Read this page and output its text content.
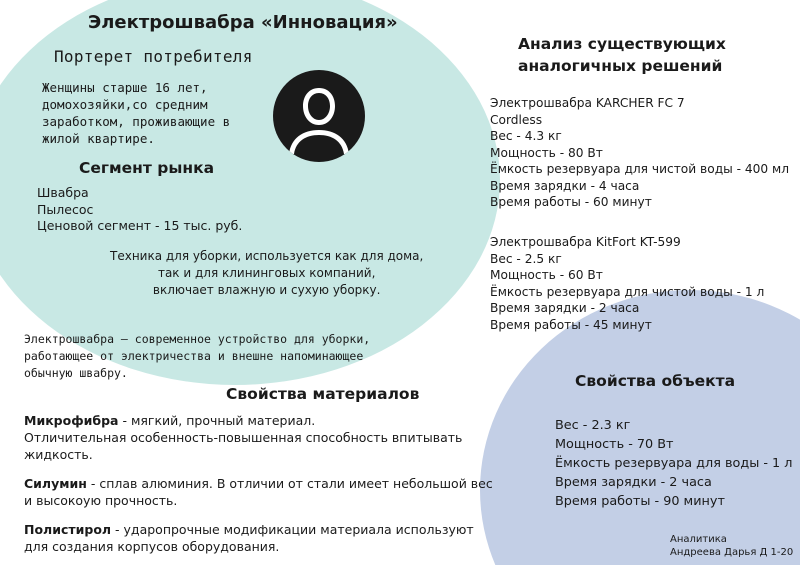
Электрошвабра «Инновация»
Портерет потребителя
Женщины старше 16 лет,
домохозяйки,со средним
заработком, проживающие в
жилой квартире.
Сегмент рынка
Швабра
Пылесос
Ценовой сегмент - 15 тыс. руб.
Техника для уборки, используется как для дома,
так и для клининговых компаний,
включает влажную и сухую уборку.
Электрошвабра – современное устройство для уборки,
работающее от электричества и внешне напоминающее
обычную швабру.
Свойства материалов
Микрофибра - мягкий, прочный материал.
Отличительная особенность-повышенная способность впитывать
жидкость.
Силумин - сплав алюминия. В отличии от стали имеет небольшой вес
и высокоую прочность.
Полистирол - ударопрочные модификации материала используют
для создания корпусов оборудования.
Анализ существующих
аналогичных решений
Электрошвабра KARCHER FC 7
Cordless
Вес - 4.3 кг
Мощность - 80 Вт
Ёмкость резервуара для чистой воды - 400 мл
Время зарядки - 4 часа
Время работы - 60 минут
Электрошвабра KitFort KT-599
Вес - 2.5 кг
Мощность - 60 Вт
Ёмкость резервуара для чистой воды - 1 л
Время зарядки - 2 часа
Время работы - 45 минут
Свойства объекта
Вес - 2.3 кг
Мощность - 70 Вт
Ёмкость резервуара для воды - 1 л
Время зарядки - 2 часа
Время работы - 90 минут
Аналитика
Андреева Дарья Д 1-20
